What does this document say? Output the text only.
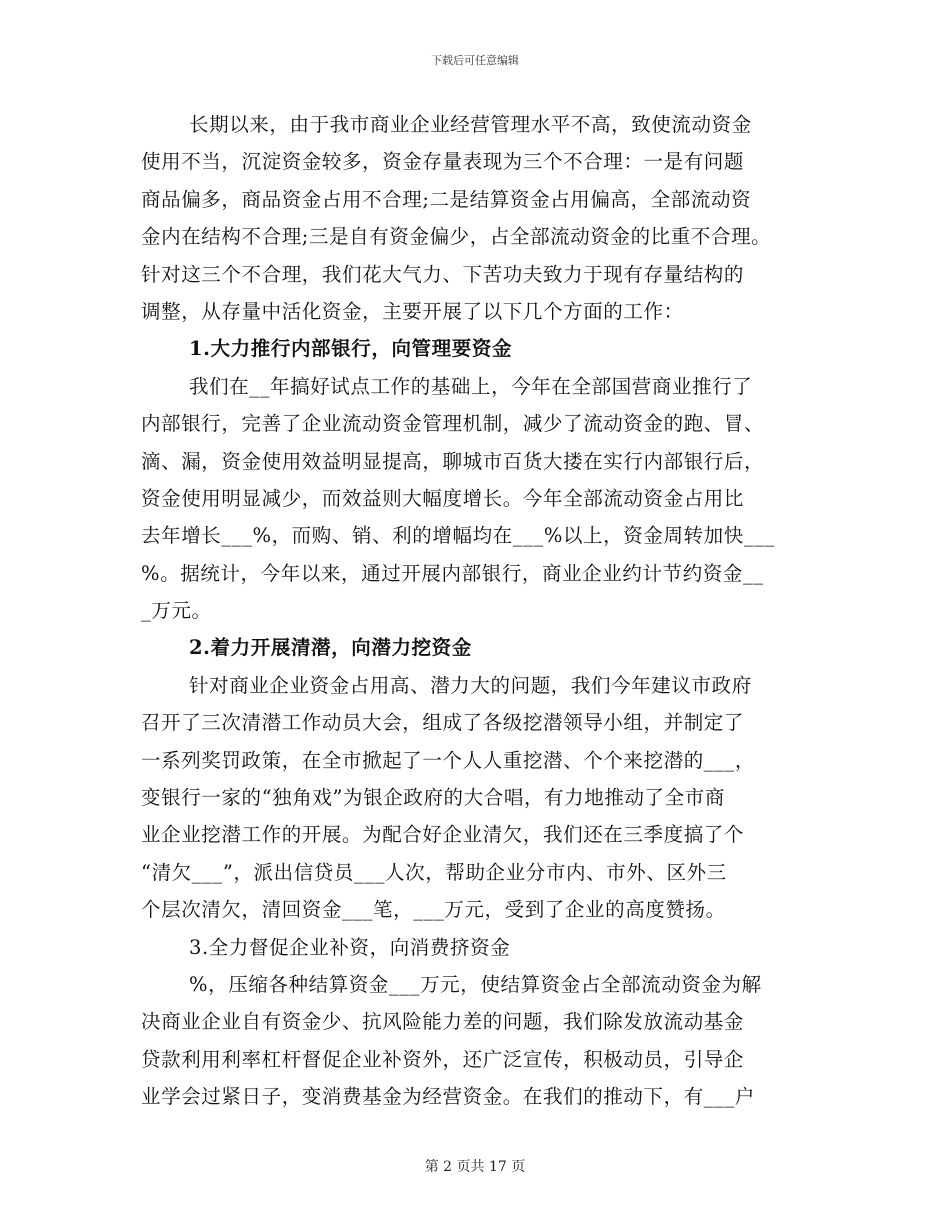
下载后可任意编辑
长期以来，由于我市商业企业经营管理水平不高，致使流动资金
使用不当，沉淀资金较多，资金存量表现为三个不合理：一是有问题
商品偏多，商品资金占用不合理;二是结算资金占用偏高，全部流动资
金内在结构不合理;三是自有资金偏少，占全部流动资金的比重不合理。
针对这三个不合理，我们花大气力、下苦功夫致力于现有存量结构的
调整，从存量中活化资金，主要开展了以下几个方面的工作：
1.大力推行内部银行，向管理要资金
我们在__年搞好试点工作的基础上，今年在全部国营商业推行了
内部银行，完善了企业流动资金管理机制，减少了流动资金的跑、冒、
滴、漏，资金使用效益明显提高，聊城市百货大搂在实行内部银行后，
资金使用明显减少，而效益则大幅度增长。今年全部流动资金占用比
去年增长___%，而购、销、利的增幅均在___%以上，资金周转加快___
%。据统计，今年以来，通过开展内部银行，商业企业约计节约资金__
_万元。
2.着力开展清潜，向潜力挖资金
针对商业企业资金占用高、潜力大的问题，我们今年建议市政府
召开了三次清潜工作动员大会，组成了各级挖潜领导小组，并制定了
一系列奖罚政策，在全市掀起了一个人人重挖潜、个个来挖潜的___，
变银行一家的“独角戏”为银企政府的大合唱，有力地推动了全市商
业企业挖潜工作的开展。为配合好企业清欠，我们还在三季度搞了个
“清欠___”，派出信贷员___人次，帮助企业分市内、市外、区外三
个层次清欠，清回资金___笔，___万元，受到了企业的高度赞扬。
3.全力督促企业补资，向消费挤资金
%，压缩各种结算资金___万元，使结算资金占全部流动资金为解
决商业企业自有资金少、抗风险能力差的问题，我们除发放流动基金
贷款利用利率杠杆督促企业补资外，还广泛宣传，积极动员，引导企
业学会过紧日子，变消费基金为经营资金。在我们的推动下，有___户
第 2 页共 17 页
